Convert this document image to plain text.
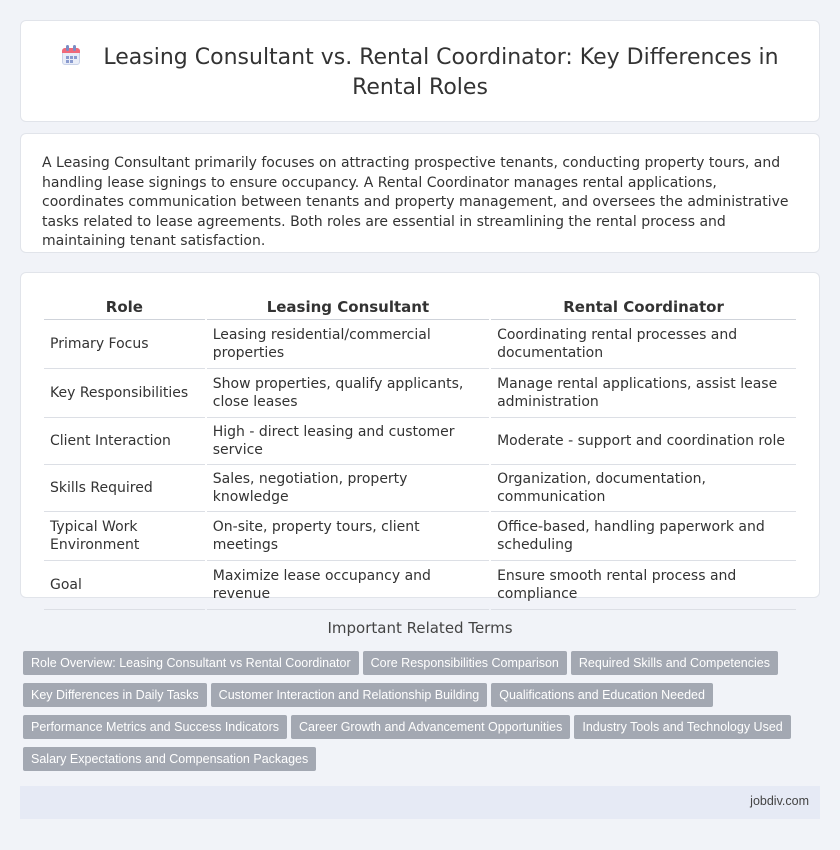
Leasing Consultant vs. Rental Coordinator: Key Differences in Rental Roles

A Leasing Consultant primarily focuses on attracting prospective tenants, conducting property tours, and handling lease signings to ensure occupancy. A Rental Coordinator manages rental applications, coordinates communication between tenants and property management, and oversees the administrative tasks related to lease agreements. Both roles are essential in streamlining the rental process and maintaining tenant satisfaction.

Role	Leasing Consultant	Rental Coordinator
Primary Focus	Leasing residential/commercial properties	Coordinating rental processes and documentation
Key Responsibilities	Show properties, qualify applicants, close leases	Manage rental applications, assist lease administration
Client Interaction	High - direct leasing and customer service	Moderate - support and coordination role
Skills Required	Sales, negotiation, property knowledge	Organization, documentation, communication
Typical Work Environment	On-site, property tours, client meetings	Office-based, handling paperwork and scheduling
Goal	Maximize lease occupancy and revenue	Ensure smooth rental process and compliance
Important Related Terms
Role Overview: Leasing Consultant vs Rental Coordinator Core Responsibilities Comparison Required Skills and Competencies
Key Differences in Daily Tasks Customer Interaction and Relationship Building Qualifications and Education Needed
Performance Metrics and Success Indicators Career Growth and Advancement Opportunities Industry Tools and Technology Used
Salary Expectations and Compensation Packages
jobdiv.com
